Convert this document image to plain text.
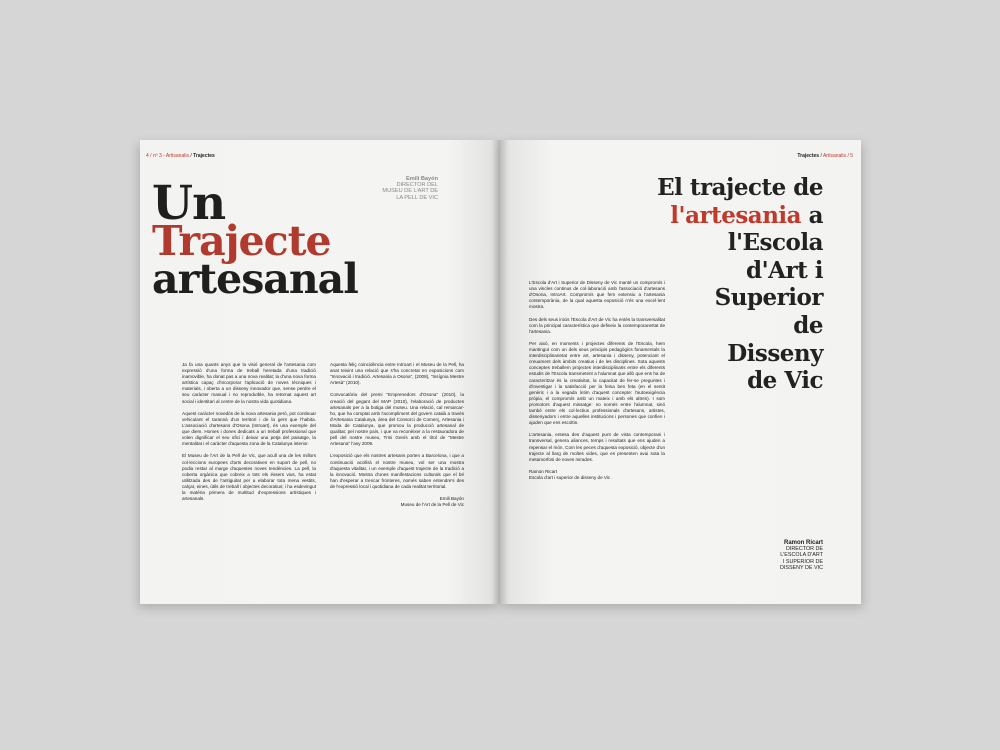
4 / nº 3 - Artisanalis / Trajectes
Un
Trajecte
artesanal
Emili Bayón
DIRECTOR DEL
MUSEU DE L'ART DE
LA PELL DE VIC

Ja fa una quants anys que la visió general de l'artesania com expressió d'una forma de treball heretada d'una tradició inamovible, ha donat pas a una nova realitat; la d'una nova forma artística capaç d'incorporar l'aplicació de noves tècniques i materials, i oberta a un disseny innovador que, sense perdre el seu caràcter manual i no reproduïble, ha retornat aquest art social i identitari al centre de la nostra vida quotidiana.

Aquest caràcter novedós de la nova artesania però, pot continuar vehiculant el tarannà d'un territori i de la gent que l'habita. L'associació d'artesans d'Osona (Introart), és una exemple del que diem. Homes i dones dedicats a un treball professional que volen dignificar el seu ofici i deixar una petja del paisatge, la mentalitat i el caràcter d'aquesta zona de la Catalunya interior.

El Museu de l'Art de la Pell de Vic, que acull una de les millors col·leccions europees d'arts decoratives en suport de pell, no podia restar al marge d'aquestes noves tendències. La pell, la coberta orgànica que cobreix a tots els éssers vius, ha estat utilitzada des de l'antiguitat per a elaborar tota mena vestits, calçat, eines, útils de treball i objectes decoratius; i ha esdevingut la matèria primera de multitud d'expressions artístiques i artesanals.

Aquesta feliç coincidència entre Introart i el Museu de la Pell, ha anat teixint una relació que s'ha concretat en exposicions com "Innovació i tradició. Artesania a Osona", (2008), "Insígnia Mestre Artesà" (2010).

Convocatòria del premi "Emprenedors d'Osona" (2010), la creació del gegant del MAP (2010), l'elaboració de productes artesanals per a la botiga del museu. Una relació, cal remarcar-ho, que ha comptat amb l'acompliment del govern català a través d'Artesania Catalunya, àrea del Consorci de Comerç, Artesania i Moda de Catalunya, que promou la producció artesanal de qualitat; pel nostre país, i que va reconèixer a la restauradora de pell del nostre museu, Trini Genís amb el títol de "Mestre Artesana" l'any 2009.

L'exposició que els nostres artesans porten a Barcelona, i que a continuació acollirà el nostre museu, vol ser una mostra d'aquesta vitalitat, i un exemple d'aquest trajecte de la tradició a la innovació. Mostra d'unes manifestacions culturals que el bé han d'esperar a trencar fronteres, només saben entendre's des de l'expressió local i quotidiana de cada realitat territorial.

Emili Bayón
Museu de l'Art de la Pell de Vic
Trajectes / Artisanalis / 5
El trajecte de
l'artesania a
l'Escola
d'Art i
Superior
de
Disseny
de Vic

L'Escola d'Art i Superior de Disseny de Vic manté un compromís i una vincles continus de col·laboració amb l'associació d'artesans d'Osona, IntroArt. Compromís que fem extensiu a l'artesania contemporània, de la qual aquesta exposició n'és una excel·lent mostra.

Des dels seus inicis l'Escola d'Art de Vic ha entès la transversalitat com la principal característica que defineix la contemporaneïtat de l'artesania.

Per això, en moments i projectes diferents de l'Escola, hem mantingut com un dels seus principis pedagògics fonamentals la interdisciplinarietat entre art, artesania i disseny, potenciant el creuament dels àmbits creatius i de les disciplines. Sota aquests conceptes treballem projectes interdisciplinaris entre els diferents estudis de l'Escola transmetent a l'alumnat que allò que ens ha de caracteritzar és la creativitat, la capacitat de fer-se preguntes i d'investigar i la satisfacció per la feina ben feta (en el sentit genèric i a la vegada íntim d'aquest concepte: l'autoexigència pròpia, el compromís amb un mateix i amb els altres). I som promotors d'aquest missatge: no només entre l'alumnat, sinó també entre els col·lectius professionals d'artesans, artistes, dissenyadors i entre aquelles institucions i persones que confien i ajuden que ens escoltin.

L'artesania, entesa des d'aquest punt de vista contemporani i transversal, genera aliances, temps i resultats que ens ajuden a repensar el món. Com les peces d'aquesta exposició, objecte d'un trajecte al llarg de moltes vides, que es presenten avui sota la metamorfosi de noves mirades.

Ramon Ricart
Escola d'art i superior de disseny de Vic
Ramon Ricart
DIRECTOR DE
L'ESCOLA D'ART
I SUPERIOR DE
DISSENY DE VIC
